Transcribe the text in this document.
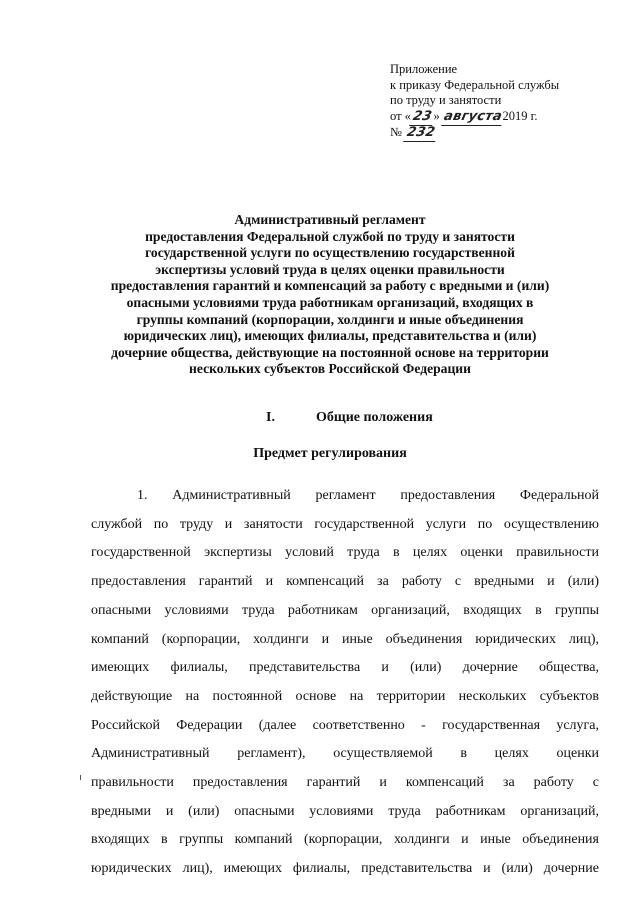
Приложение
к приказу Федеральной службы
по труду и занятости
от «23» августа2019 г.
№ 232
Административный регламент
предоставления Федеральной службой по труду и занятости
государственной услуги по осуществлению государственной
экспертизы условий труда в целях оценки правильности
предоставления гарантий и компенсаций за работу с вредными и (или)
опасными условиями труда работникам организаций, входящих в
группы компаний (корпорации, холдинги и иные объединения
юридических лиц), имеющих филиалы, представительства и (или)
дочерние общества, действующие на постоянной основе на территории
нескольких субъектов Российской Федерации
I.	Общие положения
Предмет регулирования
1. Административный регламент предоставления Федеральной
службой по труду и занятости государственной услуги по осуществлению
государственной экспертизы условий труда в целях оценки правильности
предоставления гарантий и компенсаций за работу с вредными и (или)
опасными условиями труда работникам организаций, входящих в группы
компаний (корпорации, холдинги и иные объединения юридических лиц),
имеющих филиалы, представительства и (или) дочерние общества,
действующие на постоянной основе на территории нескольких субъектов
Российской Федерации (далее соответственно - государственная услуга,
Административный регламент), осуществляемой в целях оценки
правильности предоставления гарантий и компенсаций за работу с
вредными и (или) опасными условиями труда работникам организаций,
входящих в группы компаний (корпорации, холдинги и иные объединения
юридических лиц), имеющих филиалы, представительства и (или) дочерние
